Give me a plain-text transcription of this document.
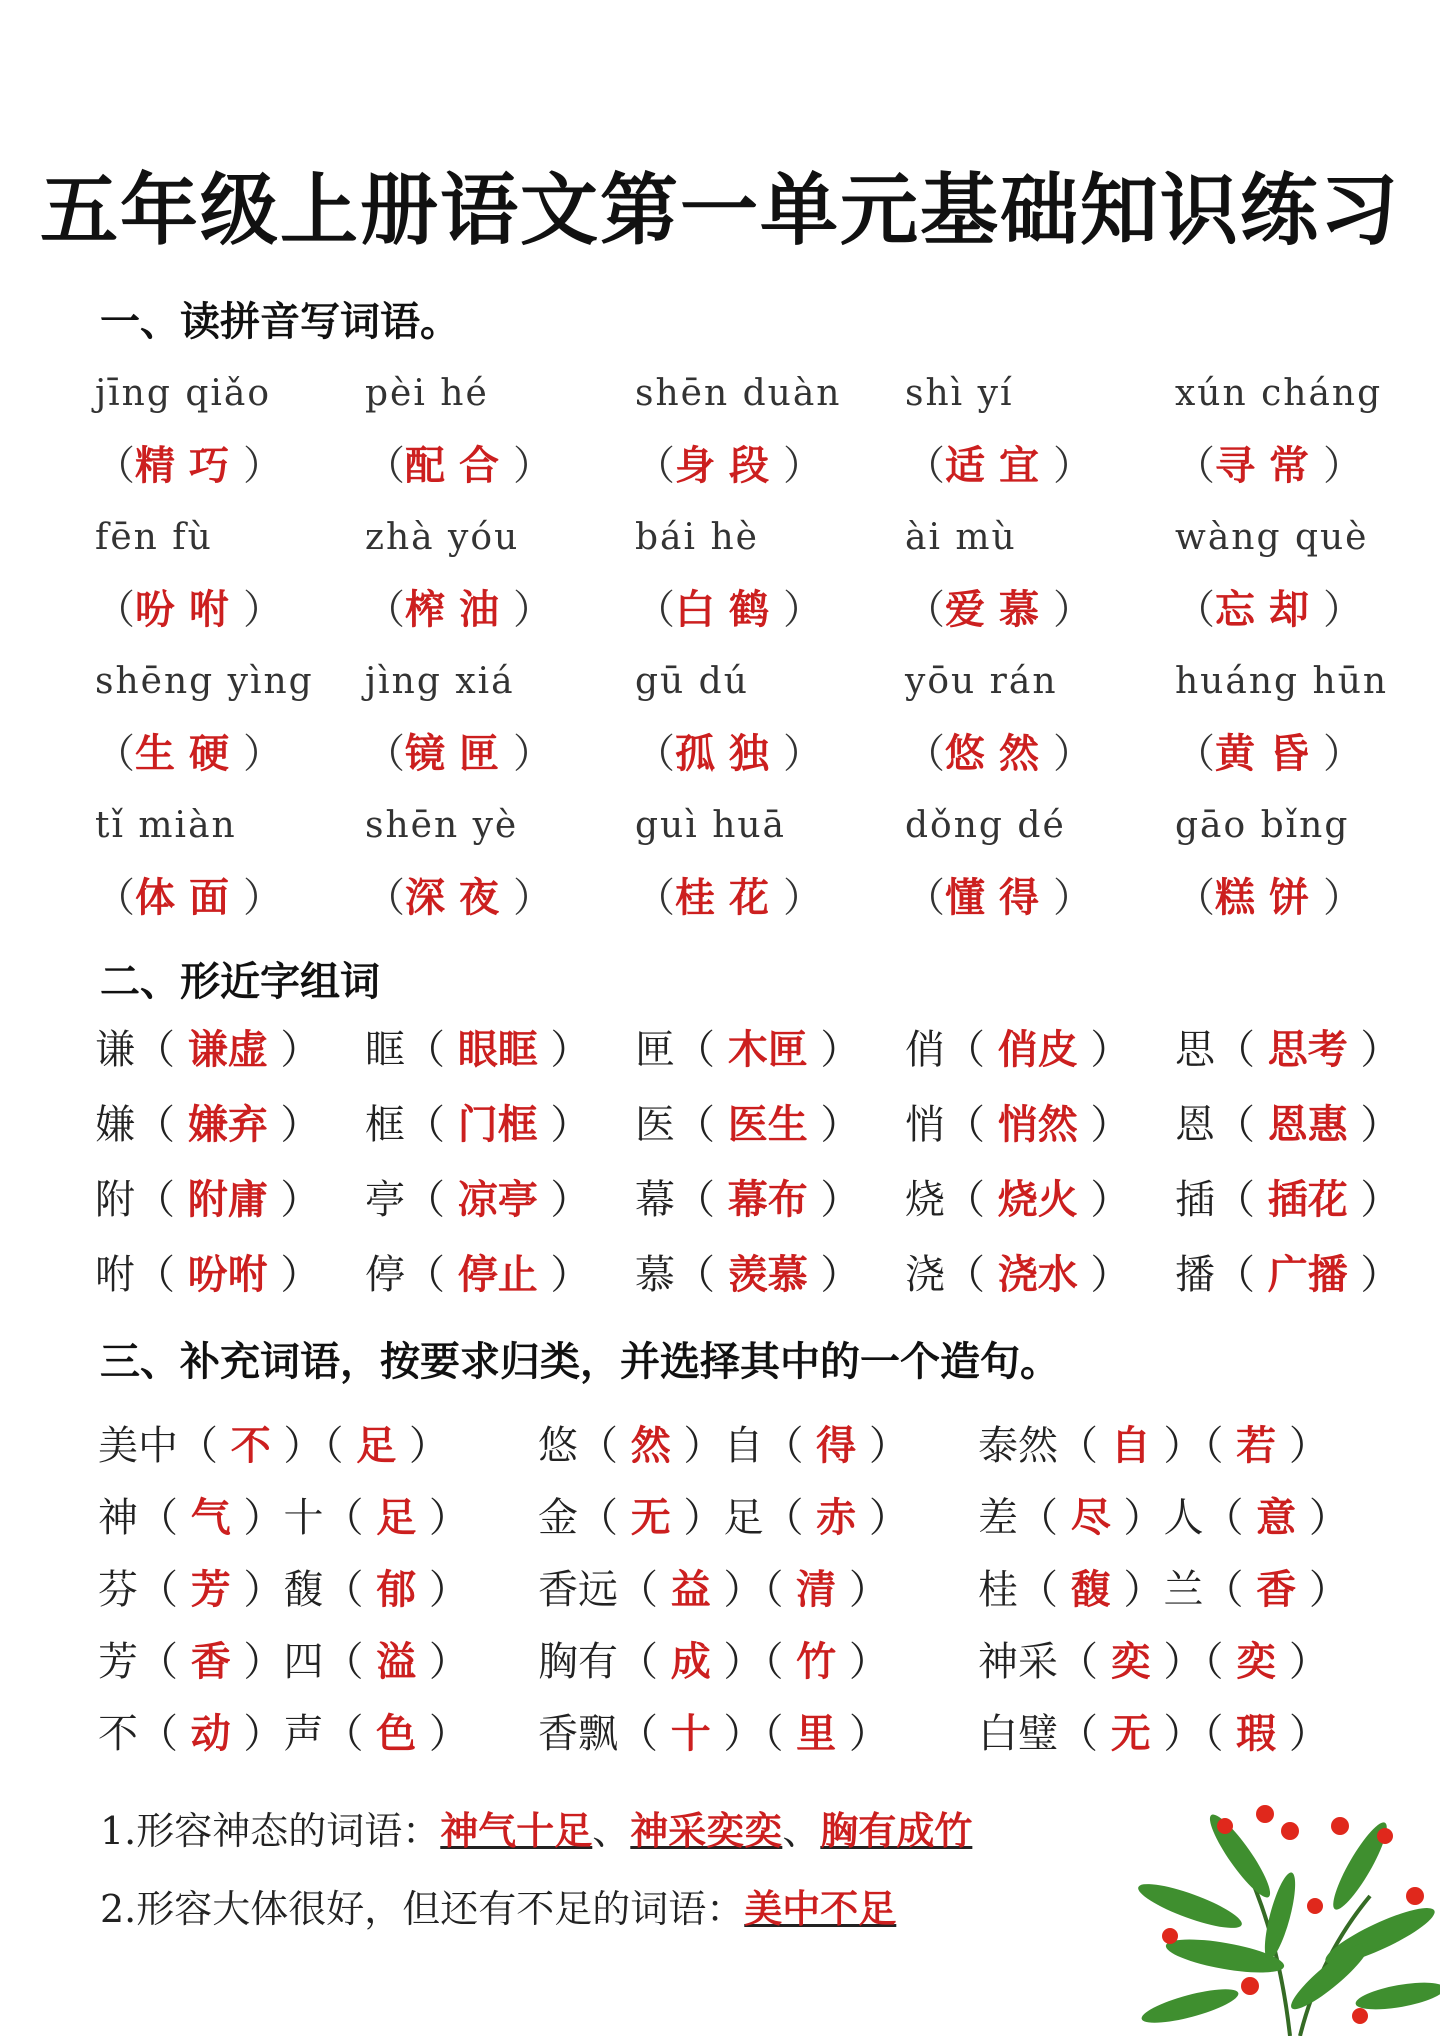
五年级上册语文第一单元基础知识练习
一、读拼音写词语。
jīng qiǎo	pèi hé	shēn duàn	shì yí	xún cháng
（精巧）	（配合）	（身段）	（适宜）	（寻常）
fēn fù	zhà yóu	bái hè	ài mù	wàng què
（吩咐）	（榨油）	（白鹤）	（爱慕）	（忘却）
shēng yìng	jìng xiá	gū dú	yōu rán	huáng hūn
（生硬）	（镜匣）	（孤独）	（悠然）	（黄昏）
tǐ miàn	shēn yè	guì huā	dǒng dé	gāo bǐng
（体面）	（深夜）	（桂花）	（懂得）	（糕饼）
二、形近字组词
谦（ 谦虚 ）	眶（ 眼眶 ）	匣（ 木匣 ）	俏（ 俏皮 ）	思（ 思考 ）
嫌（ 嫌弃 ）	框（ 门框 ）	医（ 医生 ）	悄（ 悄然 ）	恩（ 恩惠 ）
附（ 附庸 ）	亭（ 凉亭 ）	幕（ 幕布 ）	烧（ 烧火 ）	插（ 插花 ）
咐（ 吩咐 ）	停（ 停止 ）	慕（ 羡慕 ）	浇（ 浇水 ）	播（ 广播 ）
三、补充词语，按要求归类，并选择其中的一个造句。
美中（ 不 ）（ 足 ）	悠（ 然 ）自（ 得 ）	泰然（ 自 ）（ 若 ）
神（ 气 ）十（ 足 ）	金（ 无 ）足（ 赤 ）	差（ 尽 ）人（ 意 ）
芬（ 芳 ）馥（ 郁 ）	香远（ 益 ）（ 清 ）	桂（ 馥 ）兰（ 香 ）
芳（ 香 ）四（ 溢 ）	胸有（ 成 ）（ 竹 ）	神采（ 奕 ）（ 奕 ）
不（ 动 ）声（ 色 ）	香飘（ 十 ）（ 里 ）	白璧（ 无 ）（ 瑕 ）
1.形容神态的词语：神气十足、神采奕奕、胸有成竹
2.形容大体很好，但还有不足的词语：美中不足
